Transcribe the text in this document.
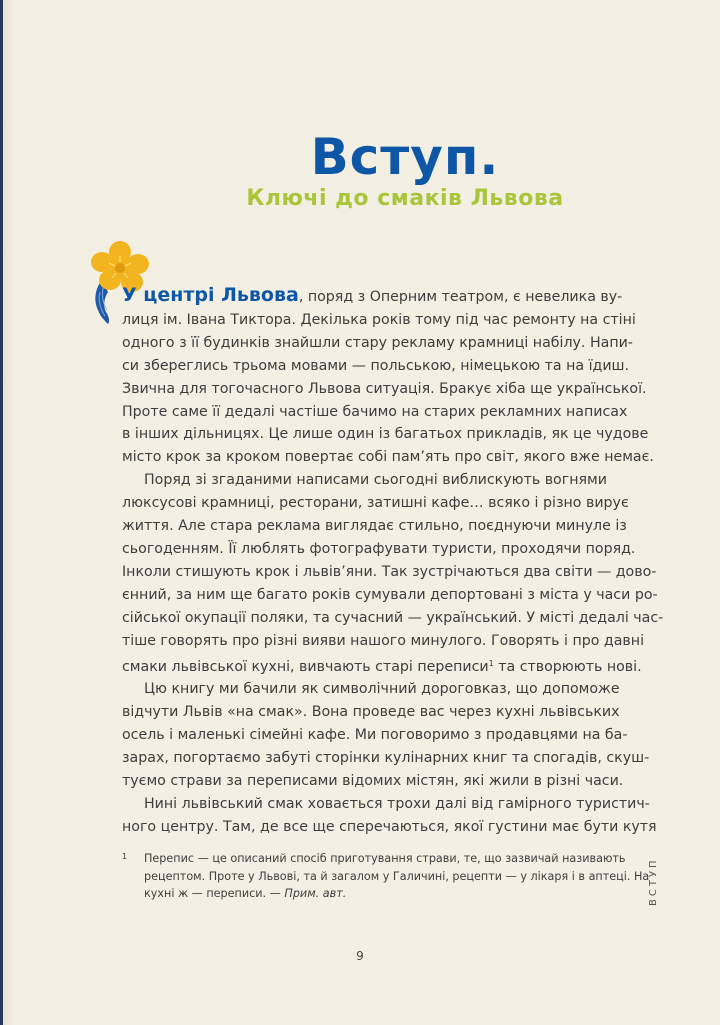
Вступ.
Ключі до смаків Львова
У центрі Львова, поряд з Оперним театром, є невелика ву-
лиця ім. Івана Тиктора. Декілька років тому під час ремонту на стіні
одного з її будинків знайшли стару рекламу крамниці набілу. Напи-
си збереглись трьома мовами — польською, німецькою та на їдиш.
Звична для тогочасного Львова ситуація. Бракує хіба ще української.
Проте саме її дедалі частіше бачимо на старих рекламних написах
в інших дільницях. Це лише один із багатьох прикладів, як це чудове
місто крок за кроком повертає собі пам’ять про світ, якого вже немає.
Поряд зі згаданими написами сьогодні виблискують вогнями
люксусові крамниці, ресторани, затишні кафе… всяко і різно вирує
життя. Але стара реклама виглядає стильно, поєднуючи минуле із
сьогоденням. Її люблять фотографувати туристи, проходячи поряд.
Інколи стишують крок і львів’яни. Так зустрічаються два світи — дово-
єнний, за ним ще багато років сумували депортовані з міста у часи ро-
сійської окупації поляки, та сучасний — український. У місті дедалі час-
тіше говорять про різні вияви нашого минулого. Говорять і про давні
смаки львівської кухні, вивчають старі переписи$^1$ та створюють нові.
Цю книгу ми бачили як символічний дороговказ, що допоможе
відчути Львів «на смак». Вона проведе вас через кухні львівських
осель і маленькі сімейні кафе. Ми поговоримо з продавцями на ба-
зарах, погортаємо забуті сторінки кулінарних книг та спогадів, скуш-
туємо страви за переписами відомих містян, які жили в різні часи.
Нині львівський смак ховається трохи далі від гамірного туристич-
ного центру. Там, де все ще сперечаються, якої густини має бути кутя
1 Перепис — це описаний спосіб приготування страви, те, що зазвичай називають
рецептом. Проте у Львові, та й загалом у Галичині, рецепти — у лікаря і в аптеці. На
кухні ж — переписи. — Прим. авт.	ВСТУП
9
